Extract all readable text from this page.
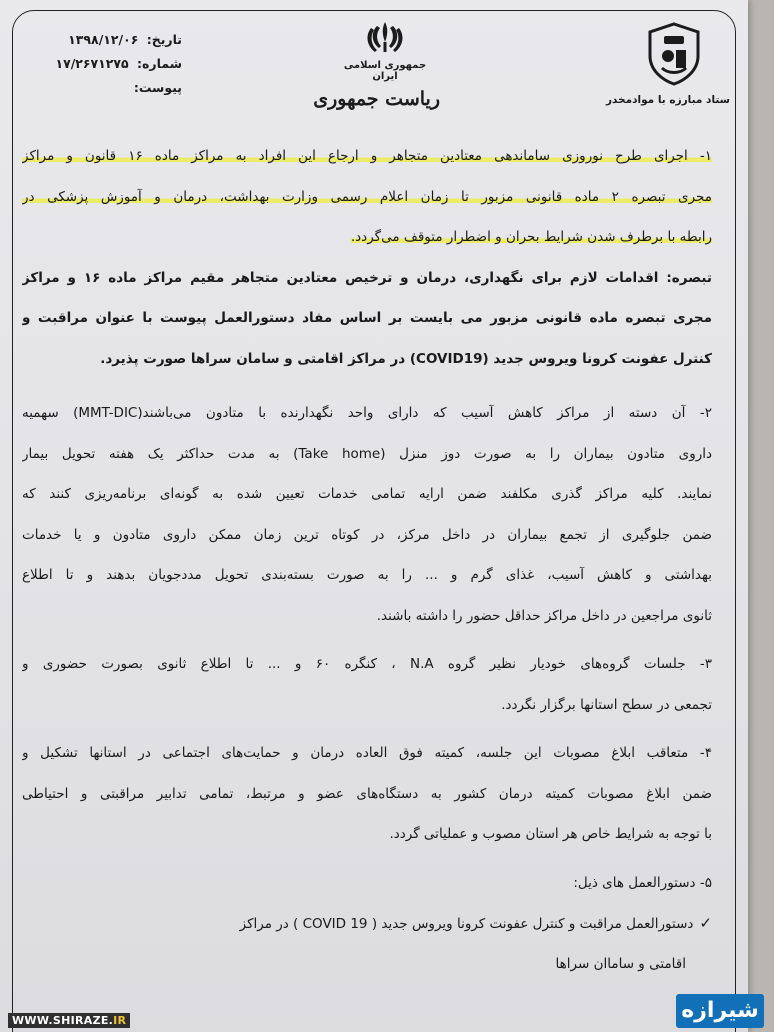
تاریخ: ۱۳۹۸/۱۲/۰۶
شماره: ۱۷/۲۶۷۱۲۷۵
پیوست:
جمهوری اسلامی ایران
ریاست جمهوری	ستاد مبارزه با موادمخدر
۱- اجرای طرح نوروزی ساماندهی معتادین متجاهر و ارجاع این افراد به مراکز ماده ۱۶ قانون و مراکز
مجری تبصره ۲ ماده قانونی مزبور تا زمان اعلام رسمی وزارت بهداشت، درمان و آموزش پزشکی در
رابطه با برطرف شدن شرایط بحران و اضطرار متوقف می‌گردد.
تبصره: اقدامات لازم برای نگهداری، درمان و ترخیص معتادین متجاهر مقیم مراکز ماده ۱۶ و مراکز
مجری تبصره ماده قانونی مزبور می بایست بر اساس مفاد دستورالعمل پیوست با عنوان مراقبت و
کنترل عفونت کرونا ویروس جدید (COVID19) در مراکز اقامتی و سامان سراها صورت پذیرد.
۲- آن دسته از مراکز کاهش آسیب که دارای واحد نگهدارنده با متادون می‌باشند(MMT-DIC) سهمیه
داروی متادون بیماران را به صورت دوز منزل (Take home) به مدت حداکثر یک هفته تحویل بیمار
نمایند. کلیه مراکز گذری مکلفند ضمن ارایه تمامی خدمات تعیین شده به گونه‌ای برنامه‌ریزی کنند که
ضمن جلوگیری از تجمع بیماران در داخل مرکز، در کوتاه ترین زمان ممکن داروی متادون و یا خدمات
بهداشتی و کاهش آسیب، غذای گرم و ... را به صورت بسته‌بندی تحویل مددجویان بدهند و تا اطلاع
ثانوی مراجعین در داخل مراکز حداقل حضور را داشته باشند.
۳- جلسات گروه‌های خودیار نظیر گروه N.A ، کنگره ۶۰ و ... تا اطلاع ثانوی بصورت حضوری و
تجمعی در سطح استانها برگزار نگردد.
۴- متعاقب ابلاغ مصوبات این جلسه، کمیته فوق العاده درمان و حمایت‌های اجتماعی در استانها تشکیل و
ضمن ابلاغ مصوبات کمیته درمان کشور به دستگاه‌های عضو و مرتبط، تمامی تدابیر مراقبتی و احتیاطی
با توجه به شرایط خاص هر استان مصوب و عملیاتی گردد.
۵- دستورالعمل های ذیل:
✓دستورالعمل مراقبت و کنترل عفونت کرونا ویروس جدید ( COVID 19 ) در مراکز
اقامتی و ساماان سراها
WWW.SHIRAZE.IR	شیرازه
